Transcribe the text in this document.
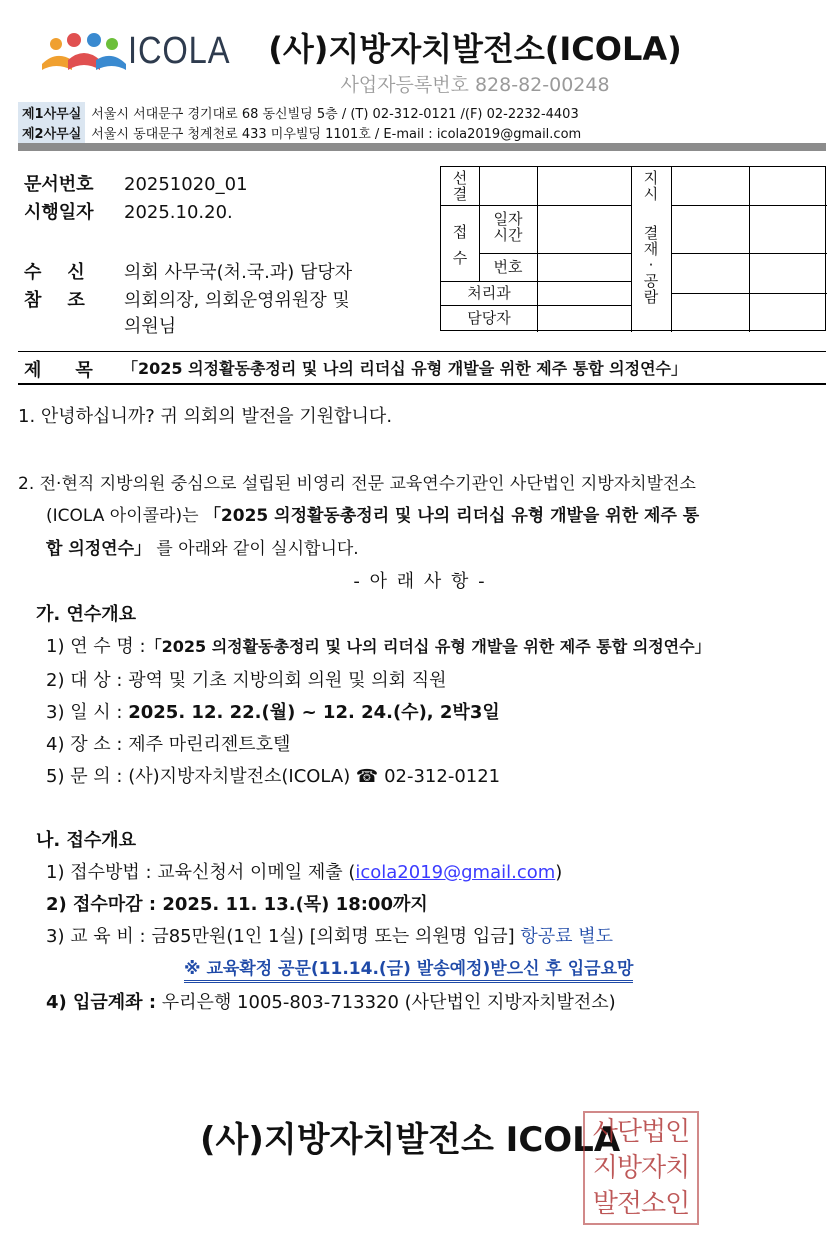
ICOLA	(사)지방자치발전소(ICOLA)
사업자등록번호 828-82-00248
제1사무실 서울시 서대문구 경기대로 68 동신빌딩 5층 / (T) 02-312-0121 /(F) 02-2232-4403
제2사무실 서울시 동대문구 청계천로 433 미우빌딩 1101호 / E-mail : icola2019@gmail.com
문서번호 20251020_01
시행일자 2025.10.20.
수신 의회 사무국(처.국.과) 담당자
참조 의회의장, 의회운영위원장 및
의원님
선
결
접
수
일자
시간
번호
처리과
담당자
지
시
결
재
·
공
람
제목
「2025 의정활동총정리 및 나의 리더십 유형 개발을 위한 제주 통합 의정연수」
1. 안녕하십니까? 귀 의회의 발전을 기원합니다.
2. 전·현직 지방의원 중심으로 설립된 비영리 전문 교육연수기관인 사단법인 지방자치발전소
(ICOLA 아이콜라)는 「2025 의정활동총정리 및 나의 리더십 유형 개발을 위한 제주 통
합 의정연수」 를 아래와 같이 실시합니다.
- 아 래 사 항 -
가. 연수개요
1) 연 수 명 :「2025 의정활동총정리 및 나의 리더십 유형 개발을 위한 제주 통합 의정연수」
2) 대 상 : 광역 및 기초 지방의회 의원 및 의회 직원
3) 일 시 : 2025. 12. 22.(월) ~ 12. 24.(수), 2박3일
4) 장 소 : 제주 마린리젠트호텔
5) 문 의 : (사)지방자치발전소(ICOLA) ☎ 02-312-0121
나. 접수개요
1) 접수방법 : 교육신청서 이메일 제출 (icola2019@gmail.com)
2) 접수마감 : 2025. 11. 13.(목) 18:00까지
3) 교 육 비 : 금85만원(1인 1실) [의회명 또는 의원명 입금] 항공료 별도
※ 교육확정 공문(11.14.(금) 발송예정)받으신 후 입금요망
4) 입금계좌 : 우리은행 1005-803-713320 (사단법인 지방자치발전소)
(사)지방자치발전소 ICOLA
사단법인
지방자치
발전소인
